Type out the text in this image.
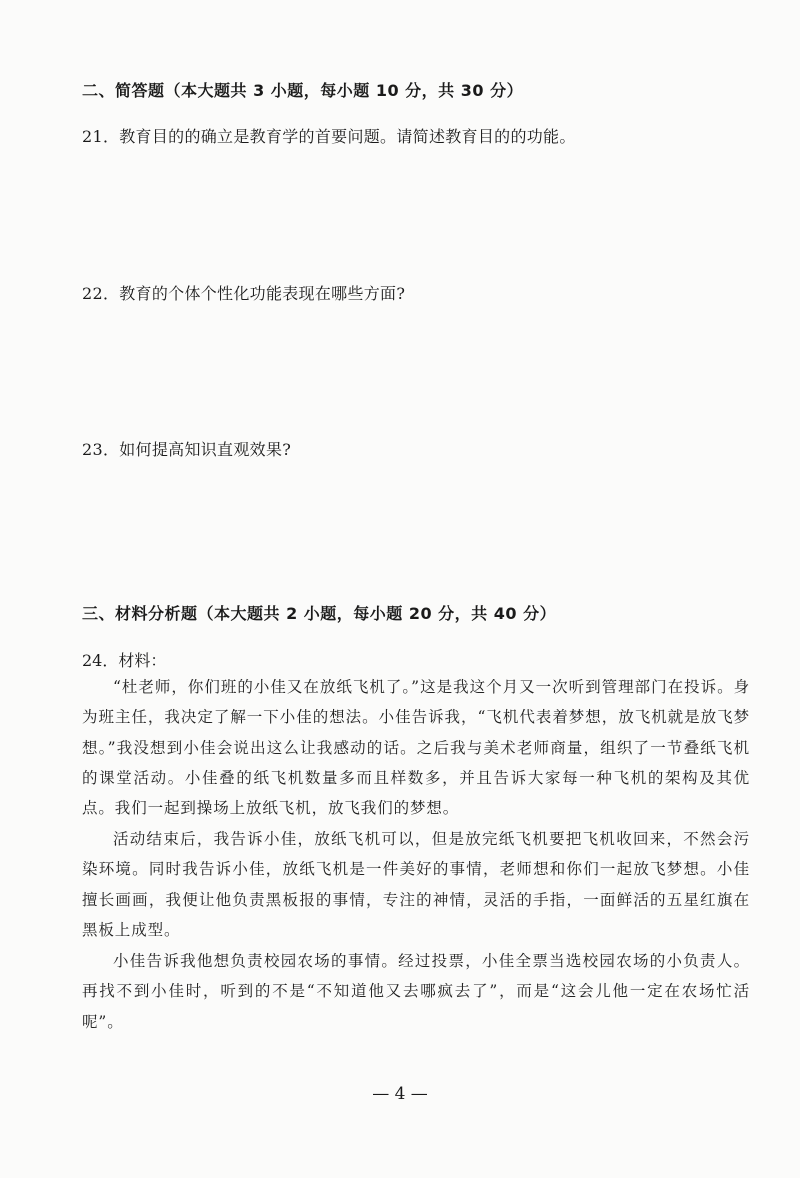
二、简答题（本大题共 3 小题，每小题 10 分，共 30 分）
21．教育目的的确立是教育学的首要问题。请简述教育目的的功能。
22．教育的个体个性化功能表现在哪些方面?
23．如何提高知识直观效果?
三、材料分析题（本大题共 2 小题，每小题 20 分，共 40 分）
24．材料：
“杜老师，你们班的小佳又在放纸飞机了。”这是我这个月又一次听到管理部门在投诉。身为班主任，我决定了解一下小佳的想法。小佳告诉我，“飞机代表着梦想，放飞机就是放飞梦想。”我没想到小佳会说出这么让我感动的话。之后我与美术老师商量，组织了一节叠纸飞机的课堂活动。小佳叠的纸飞机数量多而且样数多，并且告诉大家每一种飞机的架构及其优点。我们一起到操场上放纸飞机，放飞我们的梦想。
活动结束后，我告诉小佳，放纸飞机可以，但是放完纸飞机要把飞机收回来，不然会污染环境。同时我告诉小佳，放纸飞机是一件美好的事情，老师想和你们一起放飞梦想。小佳擅长画画，我便让他负责黑板报的事情，专注的神情，灵活的手指，一面鲜活的五星红旗在黑板上成型。
小佳告诉我他想负责校园农场的事情。经过投票，小佳全票当选校园农场的小负责人。再找不到小佳时，听到的不是“不知道他又去哪疯去了”，而是“这会儿他一定在农场忙活呢”。
— 4 —
